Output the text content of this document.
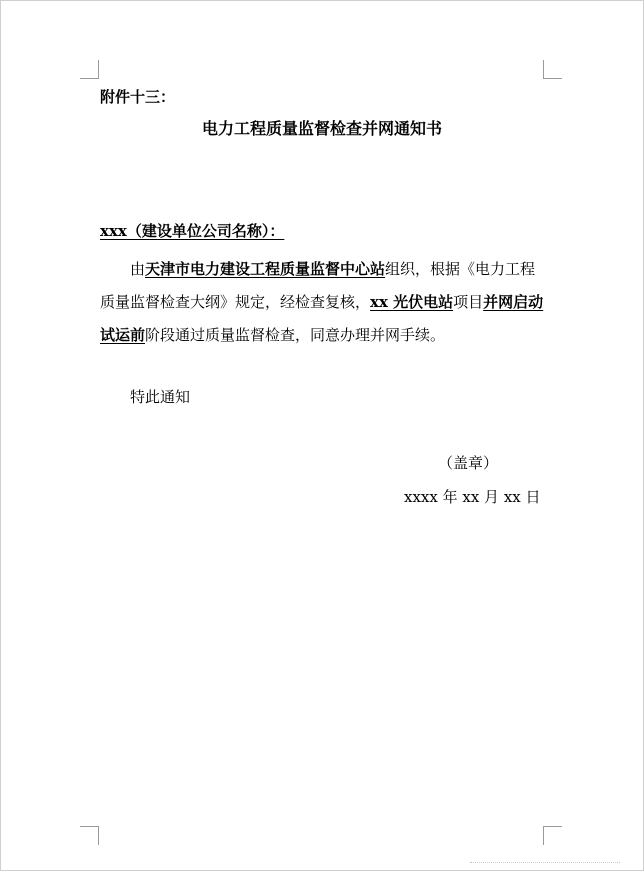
附件十三：
电力工程质量监督检查并网通知书
xxx（建设单位公司名称）：
由天津市电力建设工程质量监督中心站组织，根据《电力工程质量监督检查大纲》规定，经检查复核，xx 光伏电站项目并网启动试运前阶段通过质量监督检查，同意办理并网手续。
特此通知
（盖章）
xxxx 年 xx 月 xx 日
